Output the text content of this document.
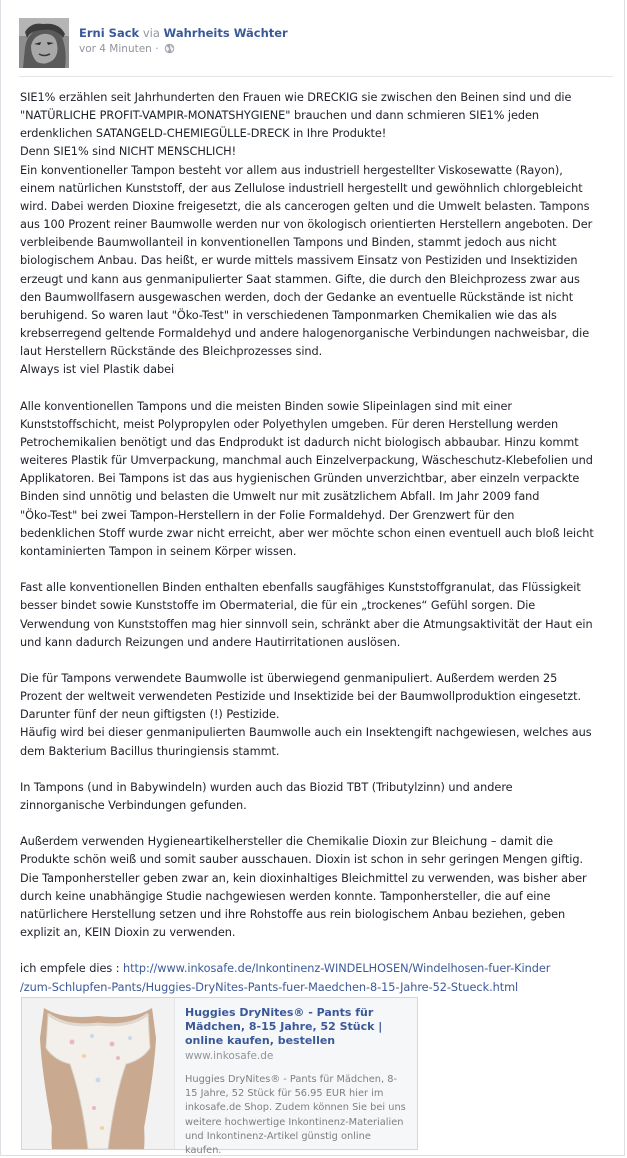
Erni Sack via Wahrheits Wächter
vor 4 Minuten ·

SIE1% erzählen seit Jahrhunderten den Frauen wie DRECKIG sie zwischen den Beinen sind und die
"NATÜRLICHE PROFIT-VAMPIR-MONATSHYGIENE" brauchen und dann schmieren SIE1% jeden
erdenklichen SATANGELD-CHEMIEGÜLLE-DRECK in Ihre Produkte!
Denn SIE1% sind NICHT MENSCHLICH!
Ein konventioneller Tampon besteht vor allem aus industriell hergestellter Viskosewatte (Rayon),
einem natürlichen Kunststoff, der aus Zellulose industriell hergestellt und gewöhnlich chlorgebleicht
wird. Dabei werden Dioxine freigesetzt, die als cancerogen gelten und die Umwelt belasten. Tampons
aus 100 Prozent reiner Baumwolle werden nur von ökologisch orientierten Herstellern angeboten. Der
verbleibende Baumwollanteil in konventionellen Tampons und Binden, stammt jedoch aus nicht
biologischem Anbau. Das heißt, er wurde mittels massivem Einsatz von Pestiziden und Insektiziden
erzeugt und kann aus genmanipulierter Saat stammen. Gifte, die durch den Bleichprozess zwar aus
den Baumwollfasern ausgewaschen werden, doch der Gedanke an eventuelle Rückstände ist nicht
beruhigend. So waren laut "Öko-Test" in verschiedenen Tamponmarken Chemikalien wie das als
krebserregend geltende Formaldehyd und andere halogenorganische Verbindungen nachweisbar, die
laut Herstellern Rückstände des Bleichprozesses sind.
Always ist viel Plastik dabei

Alle konventionellen Tampons und die meisten Binden sowie Slipeinlagen sind mit einer
Kunststoffschicht, meist Polypropylen oder Polyethylen umgeben. Für deren Herstellung werden
Petrochemikalien benötigt und das Endprodukt ist dadurch nicht biologisch abbaubar. Hinzu kommt
weiteres Plastik für Umverpackung, manchmal auch Einzelverpackung, Wäscheschutz-Klebefolien und
Applikatoren. Bei Tampons ist das aus hygienischen Gründen unverzichtbar, aber einzeln verpackte
Binden sind unnötig und belasten die Umwelt nur mit zusätzlichem Abfall. Im Jahr 2009 fand
"Öko-Test" bei zwei Tampon-Herstellern in der Folie Formaldehyd. Der Grenzwert für den
bedenklichen Stoff wurde zwar nicht erreicht, aber wer möchte schon einen eventuell auch bloß leicht
kontaminierten Tampon in seinem Körper wissen.

Fast alle konventionellen Binden enthalten ebenfalls saugfähiges Kunststoffgranulat, das Flüssigkeit
besser bindet sowie Kunststoffe im Obermaterial, die für ein „trockenes“ Gefühl sorgen. Die
Verwendung von Kunststoffen mag hier sinnvoll sein, schränkt aber die Atmungsaktivität der Haut ein
und kann dadurch Reizungen und andere Hautirritationen auslösen.

Die für Tampons verwendete Baumwolle ist überwiegend genmanipuliert. Außerdem werden 25
Prozent der weltweit verwendeten Pestizide und Insektizide bei der Baumwollproduktion eingesetzt.
Darunter fünf der neun giftigsten (!) Pestizide.
Häufig wird bei dieser genmanipulierten Baumwolle auch ein Insektengift nachgewiesen, welches aus
dem Bakterium Bacillus thuringiensis stammt.

In Tampons (und in Babywindeln) wurden auch das Biozid TBT (Tributylzinn) und andere
zinnorganische Verbindungen gefunden.

Außerdem verwenden Hygieneartikelhersteller die Chemikalie Dioxin zur Bleichung – damit die
Produkte schön weiß und somit sauber ausschauen. Dioxin ist schon in sehr geringen Mengen giftig.
Die Tamponhersteller geben zwar an, kein dioxinhaltiges Bleichmittel zu verwenden, was bisher aber
durch keine unabhängige Studie nachgewiesen werden konnte. Tamponhersteller, die auf eine
natürlichere Herstellung setzen und ihre Rohstoffe aus rein biologischem Anbau beziehen, geben
explizit an, KEIN Dioxin zu verwenden.

ich empfele dies : http://www.inkosafe.de/Inkontinenz-WINDELHOSEN/Windelhosen-fuer-Kinder
/zum-Schlupfen-Pants/Huggies-DryNites-Pants-fuer-Maedchen-8-15-Jahre-52-Stueck.html

Huggies DryNites® - Pants für Mädchen, 8-15 Jahre, 52 Stück | online kaufen, bestellen
www.inkosafe.de
Huggies DryNites® - Pants für Mädchen, 8-15 Jahre, 52 Stück für 56.95 EUR hier im inkosafe.de Shop. Zudem können Sie bei uns weitere hochwertige Inkontinenz-Materialien und Inkontinenz-Artikel günstig online kaufen.
